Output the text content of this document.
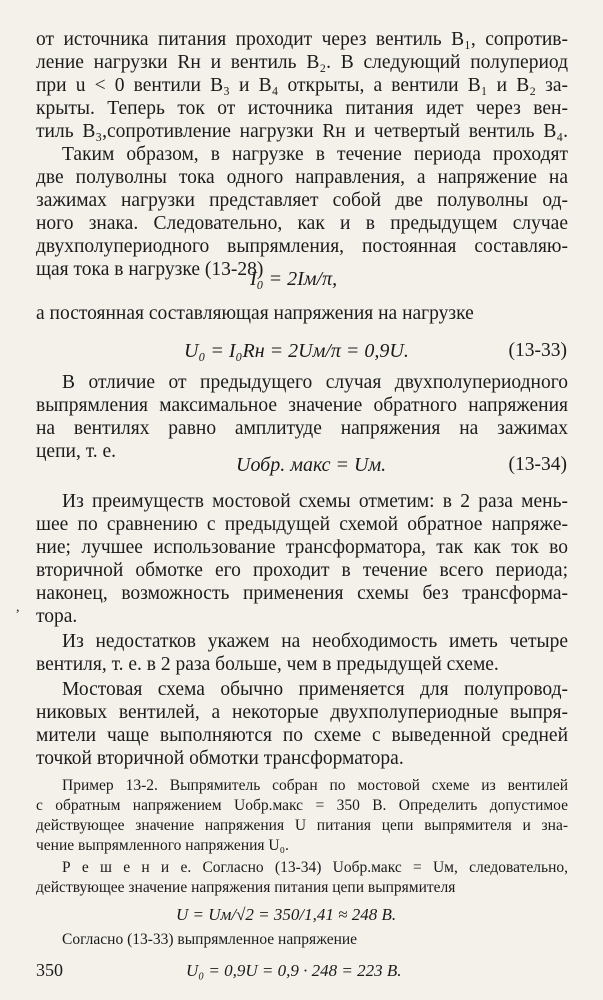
от источника питания проходит через вентиль В₁, сопротив-
ление нагрузки Rн и вентиль В₂. В следующий полупериод
при u < 0 вентили В₃ и В₄ открыты, а вентили В₁ и В₂ за-
крыты. Теперь ток от источника питания идет через вен-
тиль В₃,сопротивление нагрузки Rн и четвертый вентиль В₄.
Таким образом, в нагрузке в течение периода проходят
две полуволны тока одного направления, а напряжение на
зажимах нагрузки представляет собой две полуволны од-
ного знака. Следовательно, как и в предыдущем случае
двухполупериодного выпрямления, постоянная составляю-
щая тока в нагрузке (13-28)
I₀ = 2Iм/π,
а постоянная составляющая напряжения на нагрузке
U₀ = I₀Rн = 2Uм/π = 0,9U.	(13-33)
В отличие от предыдущего случая двухполупериодного
выпрямления максимальное значение обратного напряжения
на вентилях равно амплитуде напряжения на зажимах
цепи, т. е.
Uобр. макс = Uм.	(13-34)
Из преимуществ мостовой схемы отметим: в 2 раза мень-
шее по сравнению с предыдущей схемой обратное напряже-
ние; лучшее использование трансформатора, так как ток во
вторичной обмотке его проходит в течение всего периода;
наконец, возможность применения схемы без трансформа-
тора.
,
Из недостатков укажем на необходимость иметь четыре
вентиля, т. е. в 2 раза больше, чем в предыдущей схеме.
Мостовая схема обычно применяется для полупровод-
никовых вентилей, а некоторые двухполупериодные выпря-
мители чаще выполняются по схеме с выведенной средней
точкой вторичной обмотки трансформатора.
Пример 13-2. Выпрямитель собран по мостовой схеме из вентилей
с обратным напряжением Uобр.макс = 350 В. Определить допустимое
действующее значение напряжения U питания цепи выпрямителя и зна-
чение выпрямленного напряжения U₀.
Р е ш е н и е. Согласно (13-34) Uобр.макс = Uм, следовательно,
действующее значение напряжения питания цепи выпрямителя
U = Uм/√2 = 350/1,41 ≈ 248 В.
Согласно (13-33) выпрямленное напряжение
U₀ = 0,9U = 0,9 · 248 = 223 В.
350
